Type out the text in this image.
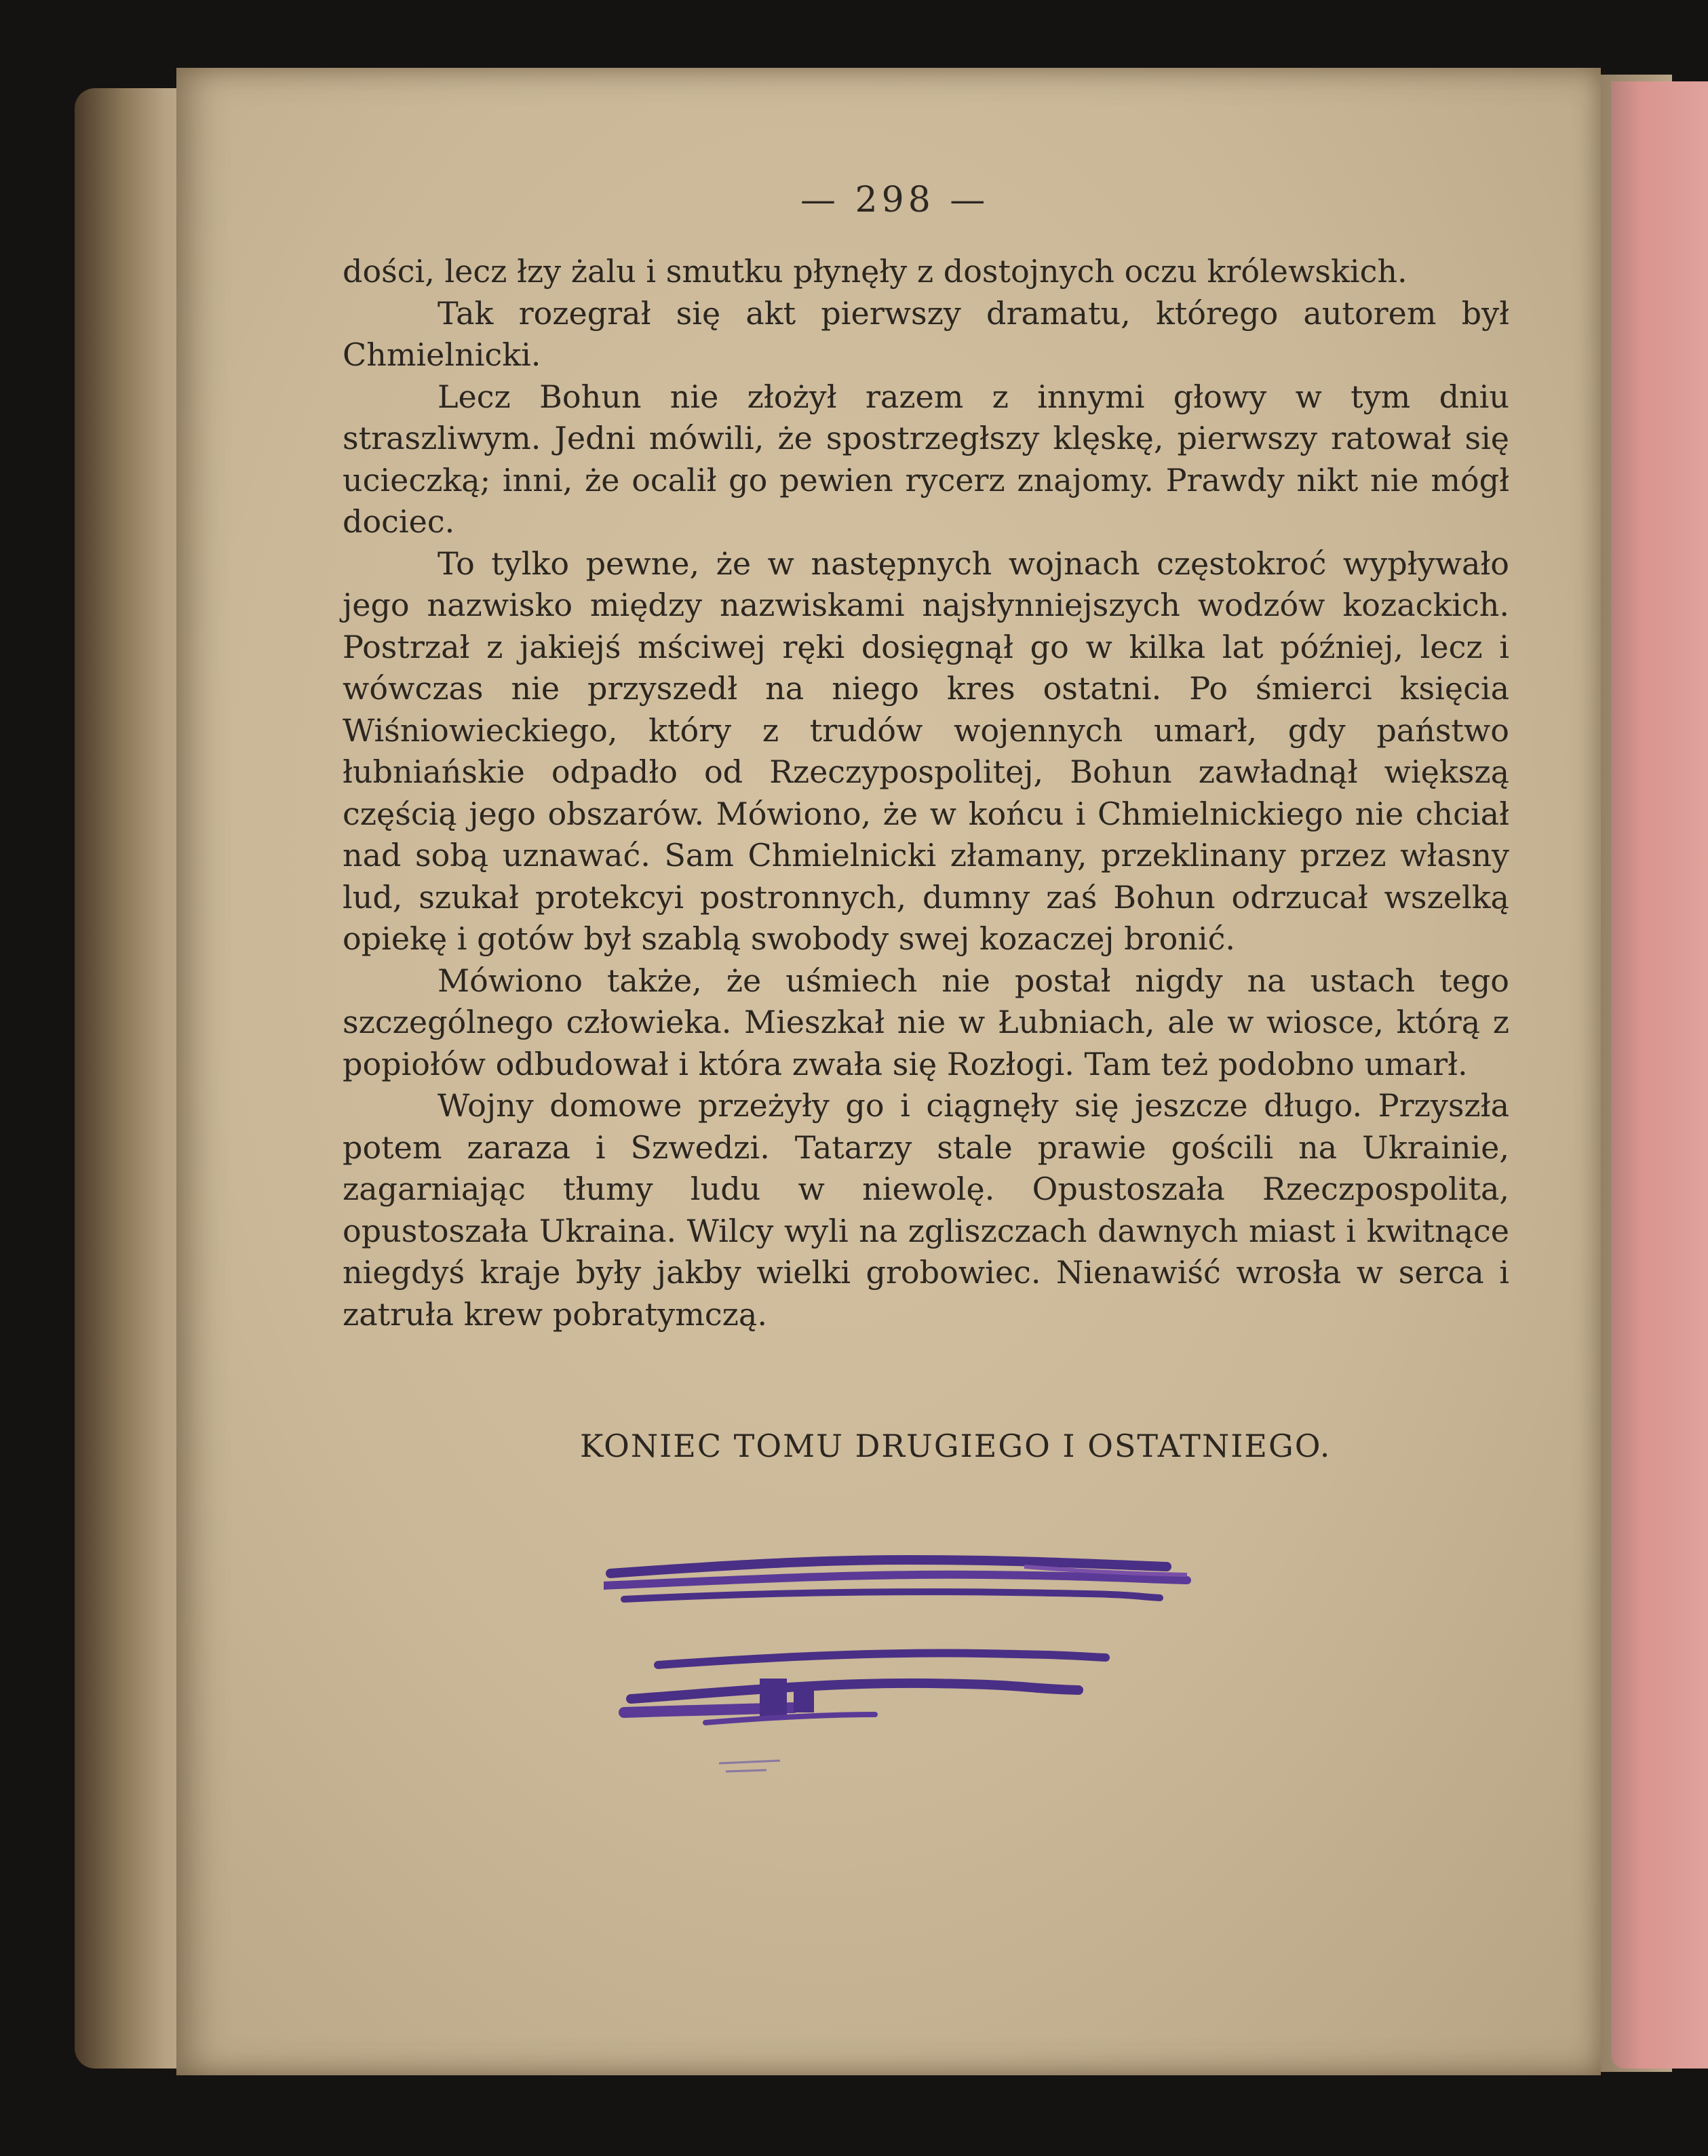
— 298 —

dości, lecz łzy żalu i smutku płynęły z dostojnych oczu królewskich.

Tak rozegrał się akt pierwszy dramatu, którego autorem był Chmielnicki.

Lecz Bohun nie złożył razem z innymi głowy w tym dniu straszliwym. Jedni mówili, że spostrzegłszy klęskę, pierwszy ratował się ucieczką; inni, że ocalił go pewien rycerz znajomy. Prawdy nikt nie mógł dociec.

To tylko pewne, że w następnych wojnach częstokroć wypływało jego nazwisko między nazwiskami najsłynniejszych wodzów kozackich. Postrzał z jakiejś mściwej ręki dosięgnął go w kilka lat później, lecz i wówczas nie przyszedł na niego kres ostatni. Po śmierci księcia Wiśniowieckiego, który z trudów wojennych umarł, gdy państwo łubniańskie odpadło od Rzeczypospolitej, Bohun zawładnął większą częścią jego obszarów. Mówiono, że w końcu i Chmielnickiego nie chciał nad sobą uznawać. Sam Chmielnicki złamany, przeklinany przez własny lud, szukał protekcyi postronnych, dumny zaś Bohun odrzucał wszelką opiekę i gotów był szablą swobody swej kozaczej bronić.

Mówiono także, że uśmiech nie postał nigdy na ustach tego szczególnego człowieka. Mieszkał nie w Łubniach, ale w wiosce, którą z popiołów odbudował i która zwała się Rozłogi. Tam też podobno umarł.

Wojny domowe przeżyły go i ciągnęły się jeszcze długo. Przyszła potem zaraza i Szwedzi. Tatarzy stale prawie gościli na Ukrainie, zagarniając tłumy ludu w niewolę. Opustoszała Rzeczpospolita, opustoszała Ukraina. Wilcy wyli na zgliszczach dawnych miast i kwitnące niegdyś kraje były jakby wielki grobowiec. Nienawiść wrosła w serca i zatruła krew pobratymczą.

KONIEC TOMU DRUGIEGO I OSTATNIEGO.
